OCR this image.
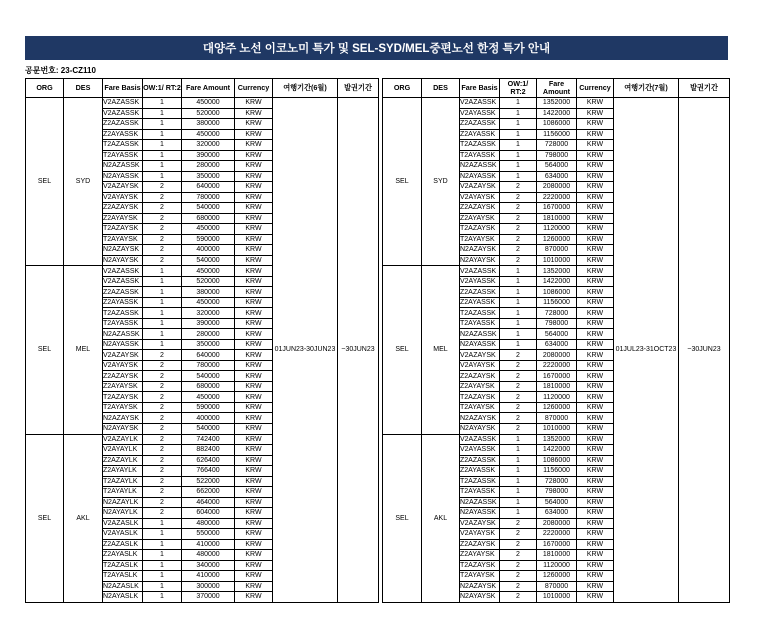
대양주 노선 이코노미 특가 및 SEL-SYD/MEL중편노선 한정 특가 안내
공문번호: 23-CZ110
ORG	DES	Fare Basis	OW:1/ RT:2	Fare Amount	Currency	여행기간(6월)	발권기간
SEL	SYD	V2AZASSK	1	450000	KRW	01JUN23-30JUN23	~30JUN23
		V2AZASSK	1	520000	KRW		
		Z2AZASSK	1	380000	KRW		
		Z2AYASSK	1	450000	KRW		
		T2AZASSK	1	320000	KRW		
		T2AYASSK	1	390000	KRW		
		N2AZASSK	1	280000	KRW		
		N2AYASSK	1	350000	KRW		
		V2AZAYSK	2	640000	KRW		
		V2AYAYSK	2	780000	KRW		
		Z2AZAYSK	2	540000	KRW		
		Z2AYAYSK	2	680000	KRW		
		T2AZAYSK	2	450000	KRW		
		T2AYAYSK	2	590000	KRW		
		N2AZAYSK	2	400000	KRW		
		N2AYAYSK	2	540000	KRW		
SEL	MEL	V2AZASSK	1	450000	KRW		
		V2AZASSK	1	520000	KRW		
		Z2AZASSK	1	380000	KRW		
		Z2AYASSK	1	450000	KRW		
		T2AZASSK	1	320000	KRW		
		T2AYASSK	1	390000	KRW		
		N2AZASSK	1	280000	KRW		
		N2AYASSK	1	350000	KRW		
		V2AZAYSK	2	640000	KRW		
		V2AYAYSK	2	780000	KRW		
		Z2AZAYSK	2	540000	KRW		
		Z2AYAYSK	2	680000	KRW		
		T2AZAYSK	2	450000	KRW		
		T2AYAYSK	2	590000	KRW		
		N2AZAYSK	2	400000	KRW		
		N2AYAYSK	2	540000	KRW		
SEL	AKL	V2AZAYLK	2	742400	KRW		
		V2AYAYLK	2	882400	KRW		
		Z2AZAYLK	2	626400	KRW		
		Z2AYAYLK	2	766400	KRW		
		T2AZAYLK	2	522000	KRW		
		T2AYAYLK	2	662000	KRW		
		N2AZAYLK	2	464000	KRW		
		N2AYAYLK	2	604000	KRW		
		V2AZASLK	1	480000	KRW		
		V2AYASLK	1	550000	KRW		
		Z2AZASLK	1	410000	KRW		
		Z2AYASLK	1	480000	KRW		
		T2AZASLK	1	340000	KRW		
		T2AYASLK	1	410000	KRW		
		N2AZASLK	1	300000	KRW		
		N2AYASLK	1	370000	KRW		
ORG	DES	Fare Basis	OW:1/ RT:2	Fare Amount	Currency	여행기간(7월)	발권기간
SEL	SYD	V2AZASSK	1	1352000	KRW	01JUL23-31OCT23	~30JUN23
		V2AYASSK	1	1422000	KRW		
		Z2AZASSK	1	1086000	KRW		
		Z2AYASSK	1	1156000	KRW		
		T2AZASSK	1	728000	KRW		
		T2AYASSK	1	798000	KRW		
		N2AZASSK	1	564000	KRW		
		N2AYASSK	1	634000	KRW		
		V2AZAYSK	2	2080000	KRW		
		V2AYAYSK	2	2220000	KRW		
		Z2AZAYSK	2	1670000	KRW		
		Z2AYAYSK	2	1810000	KRW		
		T2AZAYSK	2	1120000	KRW		
		T2AYAYSK	2	1260000	KRW		
		N2AZAYSK	2	870000	KRW		
		N2AYAYSK	2	1010000	KRW		
SEL	MEL	V2AZASSK	1	1352000	KRW		
		V2AYASSK	1	1422000	KRW		
		Z2AZASSK	1	1086000	KRW		
		Z2AYASSK	1	1156000	KRW		
		T2AZASSK	1	728000	KRW		
		T2AYASSK	1	798000	KRW		
		N2AZASSK	1	564000	KRW		
		N2AYASSK	1	634000	KRW		
		V2AZAYSK	2	2080000	KRW		
		V2AYAYSK	2	2220000	KRW		
		Z2AZAYSK	2	1670000	KRW		
		Z2AYAYSK	2	1810000	KRW		
		T2AZAYSK	2	1120000	KRW		
		T2AYAYSK	2	1260000	KRW		
		N2AZAYSK	2	870000	KRW		
		N2AYAYSK	2	1010000	KRW		
SEL	AKL	V2AZASSK	1	1352000	KRW		
		V2AYASSK	1	1422000	KRW		
		Z2AZASSK	1	1086000	KRW		
		Z2AYASSK	1	1156000	KRW		
		T2AZASSK	1	728000	KRW		
		T2AYASSK	1	798000	KRW		
		N2AZASSK	1	564000	KRW		
		N2AYASSK	1	634000	KRW		
		V2AZAYSK	2	2080000	KRW		
		V2AYAYSK	2	2220000	KRW		
		Z2AZAYSK	2	1670000	KRW		
		Z2AYAYSK	2	1810000	KRW		
		T2AZAYSK	2	1120000	KRW		
		T2AYAYSK	2	1260000	KRW		
		N2AZAYSK	2	870000	KRW		
		N2AYAYSK	2	1010000	KRW		
